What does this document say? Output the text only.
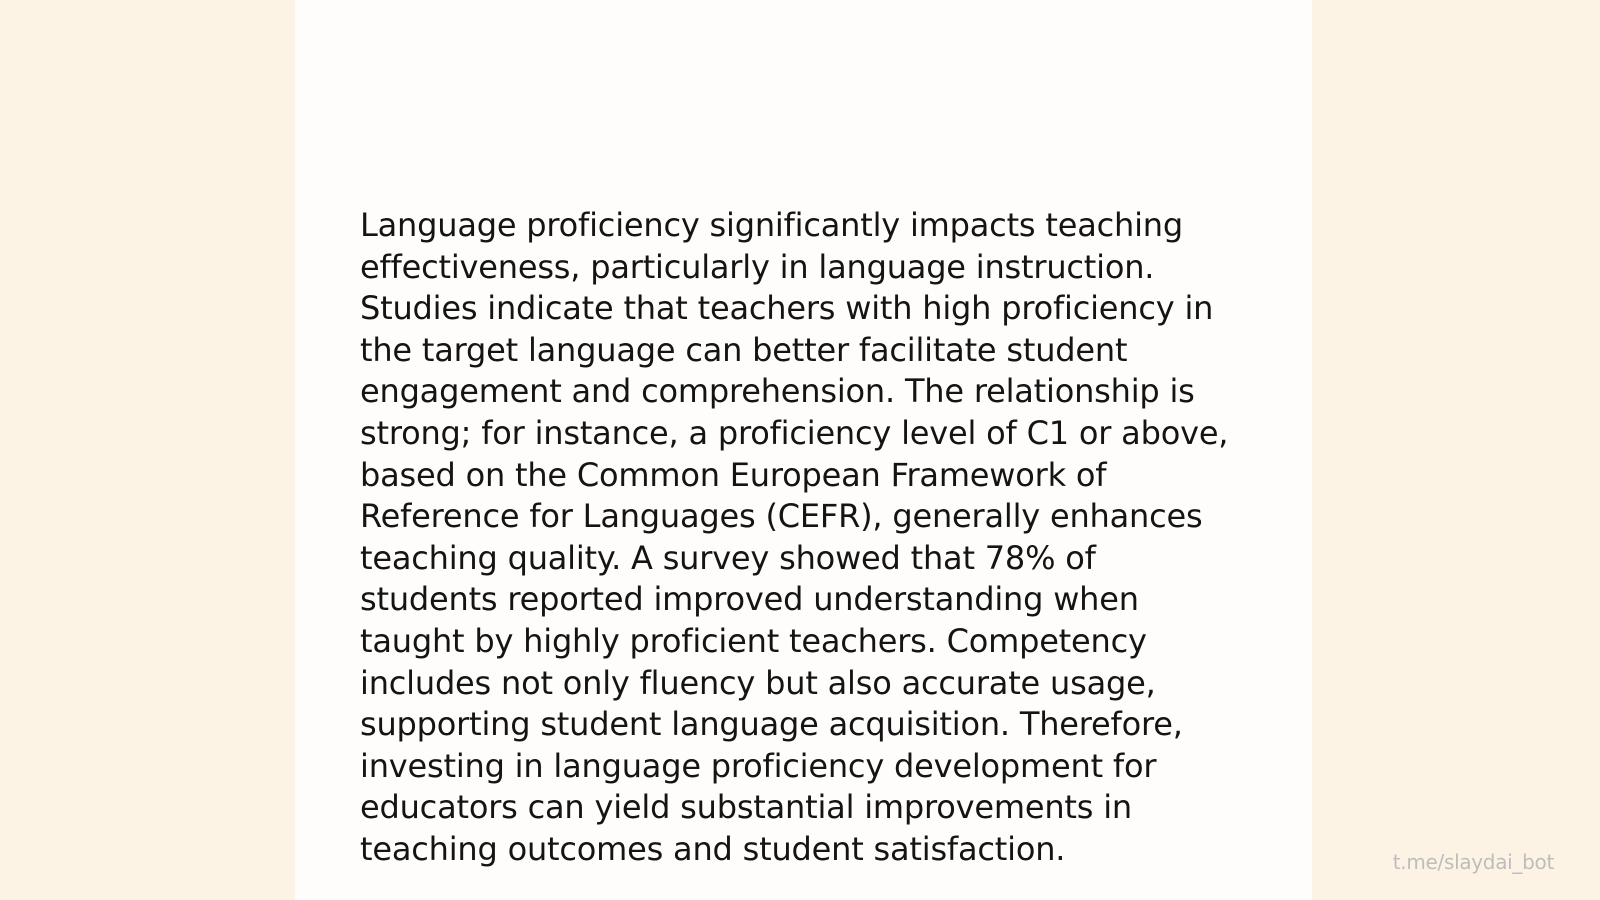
Language proficiency significantly impacts teaching
effectiveness, particularly in language instruction.
Studies indicate that teachers with high proficiency in
the target language can better facilitate student
engagement and comprehension. The relationship is
strong; for instance, a proficiency level of C1 or above,
based on the Common European Framework of
Reference for Languages (CEFR), generally enhances
teaching quality. A survey showed that 78% of
students reported improved understanding when
taught by highly proficient teachers. Competency
includes not only fluency but also accurate usage,
supporting student language acquisition. Therefore,
investing in language proficiency development for
educators can yield substantial improvements in
teaching outcomes and student satisfaction.	t.me/slaydai_bot
